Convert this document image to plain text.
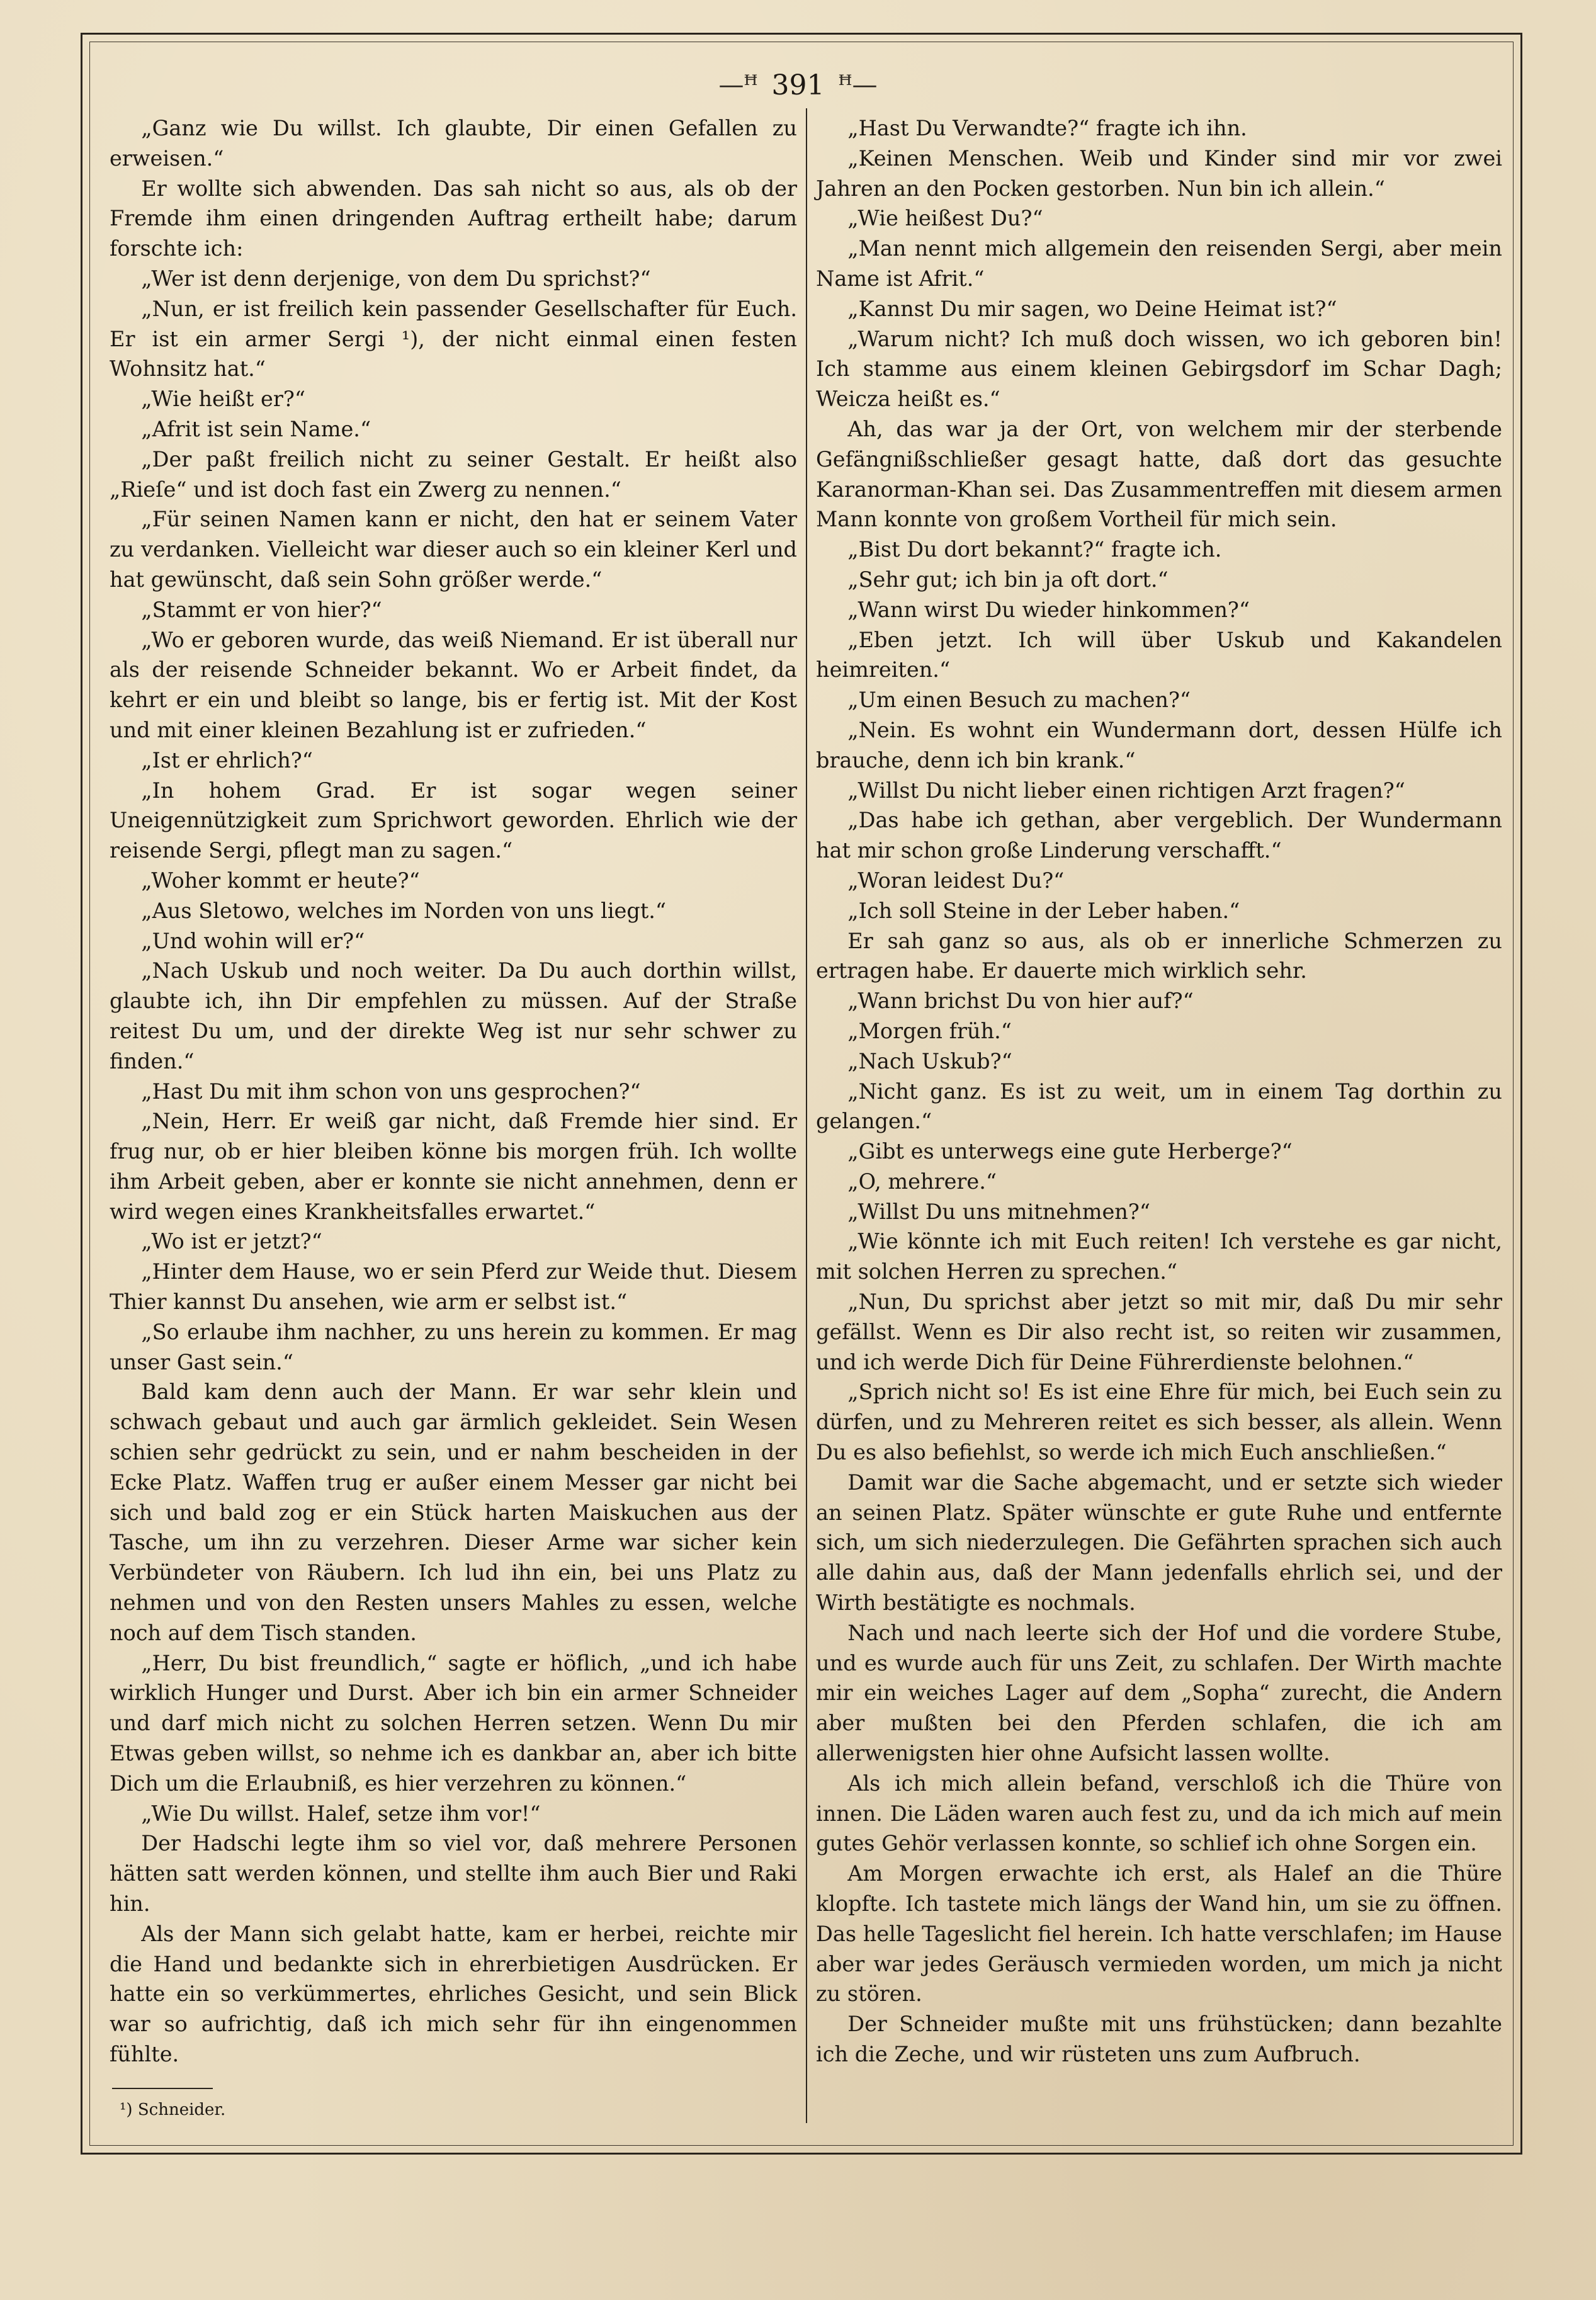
—ꟸ 391 ꟸ—

„Ganz wie Du willst. Ich glaubte, Dir einen Gefallen zu erweisen.“

Er wollte sich abwenden. Das sah nicht so aus, als ob der Fremde ihm einen dringenden Auftrag ertheilt habe; darum forschte ich:

„Wer ist denn derjenige, von dem Du sprichst?“

„Nun, er ist freilich kein passender Gesellschafter für Euch. Er ist ein armer Sergi ¹), der nicht einmal einen festen Wohnsitz hat.“

„Wie heißt er?“

„Afrit ist sein Name.“

„Der paßt freilich nicht zu seiner Gestalt. Er heißt also „Rieſe“ und ist doch fast ein Zwerg zu nennen.“

„Für seinen Namen kann er nicht, den hat er seinem Vater zu verdanken. Vielleicht war dieser auch so ein kleiner Kerl und hat gewünscht, daß sein Sohn größer werde.“

„Stammt er von hier?“

„Wo er geboren wurde, das weiß Niemand. Er ist überall nur als der reisende Schneider bekannt. Wo er Arbeit findet, da kehrt er ein und bleibt so lange, bis er fertig ist. Mit der Kost und mit einer kleinen Bezahlung ist er zufrieden.“

„Ist er ehrlich?“

„In hohem Grad. Er ist sogar wegen seiner Uneigennützigkeit zum Sprichwort geworden. Ehrlich wie der reisende Sergi, pflegt man zu sagen.“

„Woher kommt er heute?“

„Aus Sletowo, welches im Norden von uns liegt.“

„Und wohin will er?“

„Nach Uskub und noch weiter. Da Du auch dorthin willst, glaubte ich, ihn Dir empfehlen zu müssen. Auf der Straße reitest Du um, und der direkte Weg ist nur sehr schwer zu finden.“

„Hast Du mit ihm schon von uns gesprochen?“

„Nein, Herr. Er weiß gar nicht, daß Fremde hier sind. Er frug nur, ob er hier bleiben könne bis morgen früh. Ich wollte ihm Arbeit geben, aber er konnte sie nicht annehmen, denn er wird wegen eines Krankheitsfalles erwartet.“

„Wo ist er jetzt?“

„Hinter dem Hause, wo er sein Pferd zur Weide thut. Diesem Thier kannst Du ansehen, wie arm er selbst ist.“

„So erlaube ihm nachher, zu uns herein zu kommen. Er mag unser Gast sein.“

Bald kam denn auch der Mann. Er war sehr klein und schwach gebaut und auch gar ärmlich gekleidet. Sein Wesen schien sehr gedrückt zu sein, und er nahm bescheiden in der Ecke Platz. Waffen trug er außer einem Messer gar nicht bei sich und bald zog er ein Stück harten Maiskuchen aus der Tasche, um ihn zu verzehren. Dieser Arme war sicher kein Verbündeter von Räubern. Ich lud ihn ein, bei uns Platz zu nehmen und von den Resten unsers Mahles zu essen, welche noch auf dem Tisch standen.

„Herr, Du bist freundlich,“ sagte er höflich, „und ich habe wirklich Hunger und Durst. Aber ich bin ein armer Schneider und darf mich nicht zu solchen Herren setzen. Wenn Du mir Etwas geben willst, so nehme ich es dankbar an, aber ich bitte Dich um die Erlaubniß, es hier verzehren zu können.“

„Wie Du willst. Halef, setze ihm vor!“

Der Hadschi legte ihm so viel vor, daß mehrere Personen hätten satt werden können, und stellte ihm auch Bier und Raki hin.

Als der Mann sich gelabt hatte, kam er herbei, reichte mir die Hand und bedankte sich in ehrerbietigen Ausdrücken. Er hatte ein so verkümmertes, ehrliches Gesicht, und sein Blick war so aufrichtig, daß ich mich sehr für ihn eingenommen fühlte.

„Hast Du Verwandte?“ fragte ich ihn.

„Keinen Menschen. Weib und Kinder sind mir vor zwei Jahren an den Pocken gestorben. Nun bin ich allein.“

„Wie heißest Du?“

„Man nennt mich allgemein den reisenden Sergi, aber mein Name ist Afrit.“

„Kannst Du mir sagen, wo Deine Heimat ist?“

„Warum nicht? Ich muß doch wissen, wo ich geboren bin! Ich stamme aus einem kleinen Gebirgsdorf im Schar Dagh; Weicza heißt es.“

Ah, das war ja der Ort, von welchem mir der sterbende Gefängnißschließer gesagt hatte, daß dort das gesuchte Karanorman-Khan sei. Das Zusammentreffen mit diesem armen Mann konnte von großem Vortheil für mich sein.

„Bist Du dort bekannt?“ fragte ich.

„Sehr gut; ich bin ja oft dort.“

„Wann wirst Du wieder hinkommen?“

„Eben jetzt. Ich will über Uskub und Kakandelen heimreiten.“

„Um einen Besuch zu machen?“

„Nein. Es wohnt ein Wundermann dort, dessen Hülfe ich brauche, denn ich bin krank.“

„Willst Du nicht lieber einen richtigen Arzt fragen?“

„Das habe ich gethan, aber vergeblich. Der Wundermann hat mir schon große Linderung verschafft.“

„Woran leidest Du?“

„Ich soll Steine in der Leber haben.“

Er sah ganz so aus, als ob er innerliche Schmerzen zu ertragen habe. Er dauerte mich wirklich sehr.

„Wann brichst Du von hier auf?“

„Morgen früh.“

„Nach Uskub?“

„Nicht ganz. Es ist zu weit, um in einem Tag dorthin zu gelangen.“

„Gibt es unterwegs eine gute Herberge?“

„O, mehrere.“

„Willst Du uns mitnehmen?“

„Wie könnte ich mit Euch reiten! Ich verstehe es gar nicht, mit solchen Herren zu sprechen.“

„Nun, Du sprichst aber jetzt so mit mir, daß Du mir sehr gefällst. Wenn es Dir also recht ist, so reiten wir zusammen, und ich werde Dich für Deine Führerdienste belohnen.“

„Sprich nicht so! Es ist eine Ehre für mich, bei Euch sein zu dürfen, und zu Mehreren reitet es sich besser, als allein. Wenn Du es also befiehlst, so werde ich mich Euch anschließen.“

Damit war die Sache abgemacht, und er setzte sich wieder an seinen Platz. Später wünschte er gute Ruhe und entfernte sich, um sich niederzulegen. Die Gefährten sprachen sich auch alle dahin aus, daß der Mann jedenfalls ehrlich sei, und der Wirth bestätigte es nochmals.

Nach und nach leerte sich der Hof und die vordere Stube, und es wurde auch für uns Zeit, zu schlafen. Der Wirth machte mir ein weiches Lager auf dem „Sopha“ zurecht, die Andern aber mußten bei den Pferden schlafen, die ich am allerwenigsten hier ohne Aufsicht lassen wollte.

Als ich mich allein befand, verschloß ich die Thüre von innen. Die Läden waren auch fest zu, und da ich mich auf mein gutes Gehör verlassen konnte, so schlief ich ohne Sorgen ein.

Am Morgen erwachte ich erst, als Halef an die Thüre klopfte. Ich tastete mich längs der Wand hin, um sie zu öffnen. Das helle Tageslicht fiel herein. Ich hatte verschlafen; im Hause aber war jedes Geräusch vermieden worden, um mich ja nicht zu stören.

Der Schneider mußte mit uns frühstücken; dann bezahlte ich die Zeche, und wir rüsteten uns zum Aufbruch.

¹) Schneider.
